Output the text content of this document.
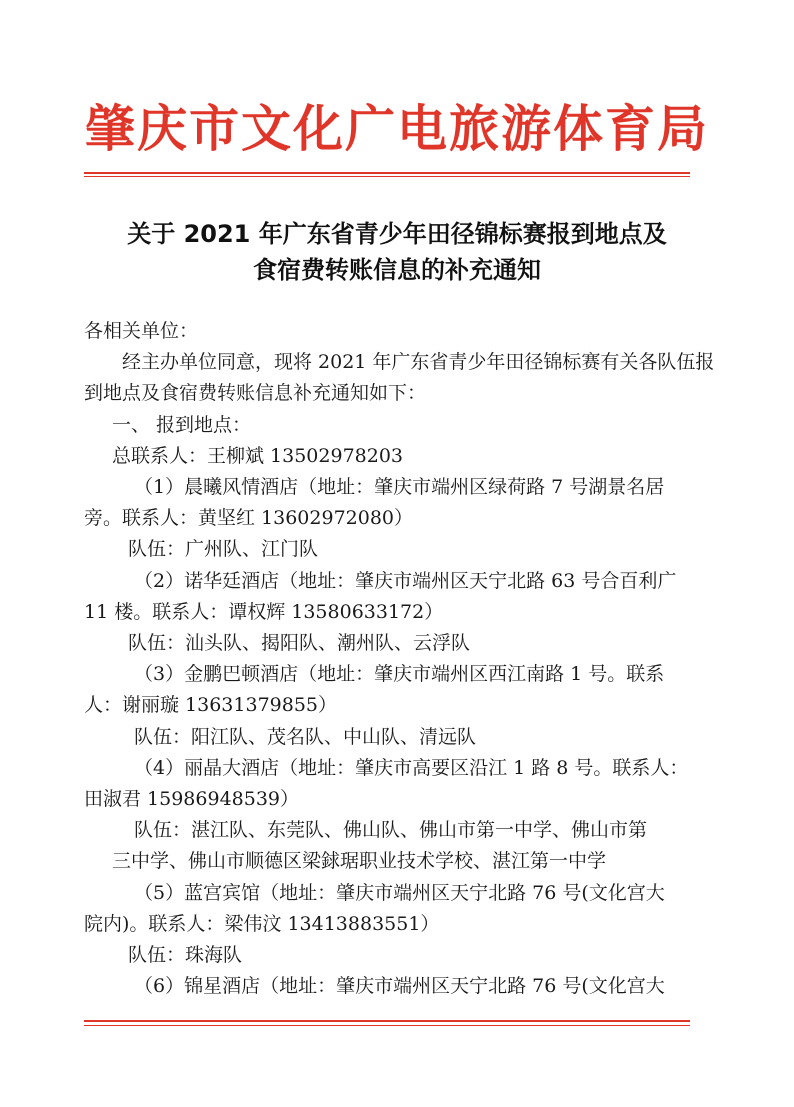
肇庆市文化广电旅游体育局
关于 2021 年广东省青少年田径锦标赛报到地点及
食宿费转账信息的补充通知
各相关单位：
经主办单位同意，现将 2021 年广东省青少年田径锦标赛有关各队伍报
到地点及食宿费转账信息补充通知如下：
一、 报到地点：
总联系人：王柳斌 13502978203
（1）晨曦风情酒店（地址：肇庆市端州区绿荷路 7 号湖景名居
旁。联系人：黄坚红 13602972080）
队伍：广州队、江门队
（2）诺华廷酒店（地址：肇庆市端州区天宁北路 63 号合百利广
11 楼。联系人：谭权辉 13580633172）
队伍：汕头队、揭阳队、潮州队、云浮队
（3）金鹏巴顿酒店（地址：肇庆市端州区西江南路 1 号。联系
人：谢丽璇 13631379855）
队伍：阳江队、茂名队、中山队、清远队
（4）丽晶大酒店（地址：肇庆市高要区沿江 1 路 8 号。联系人：
田淑君 15986948539）
队伍：湛江队、东莞队、佛山队、佛山市第一中学、佛山市第
三中学、佛山市顺德区梁銶琚职业技术学校、湛江第一中学
（5）蓝宫宾馆（地址：肇庆市端州区天宁北路 76 号(文化宫大
院内)。联系人：梁伟汶 13413883551）
队伍：珠海队
（6）锦星酒店（地址：肇庆市端州区天宁北路 76 号(文化宫大
